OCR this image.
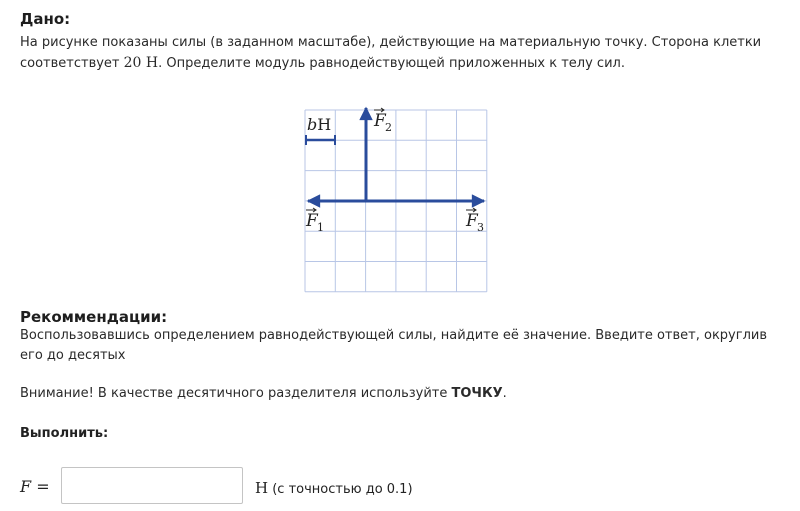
Дано:

На рисунке показаны силы (в заданном масштабе), действующие на материальную точку. Сторона клетки соответствует 20 Н. Определите модуль равнодействующей приложенных к телу сил.

bН
F 1
F 2
F 3
Рекоммендации:

Воспользовавшись определением равнодействующей силы, найдите её значение. Введите ответ, округлив его до десятых

Внимание! В качестве десятичного разделителя используйте ТОЧКУ.

Выполнить:

F =	Н (с точностью до 0.1)
